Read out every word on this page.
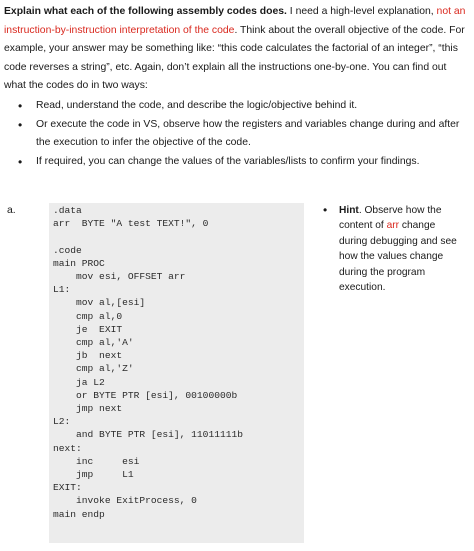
Explain what each of the following assembly codes does. I need a high-level explanation, not an instruction-by-instruction interpretation of the code. Think about the overall objective of the code. For example, your answer may be something like: “this code calculates the factorial of an integer”, “this code reverses a string”, etc. Again, don’t explain all the instructions one-by-one. You can find out what the codes do in two ways:
• Read, understand the code, and describe the logic/objective behind it.
• Or execute the code in VS, observe how the registers and variables change during and after the execution to infer the objective of the code.
• If required, you can change the values of the variables/lists to confirm your findings.
a.	.data
arr  BYTE "A test TEXT!", 0

.code
main PROC
mov esi, OFFSET arr
L1:
mov al,[esi]
cmp al,0
je  EXIT
cmp al,'A'
jb  next
cmp al,'Z'
ja L2
or BYTE PTR [esi], 00100000b
jmp next
L2:
and BYTE PTR [esi], 11011111b
next:
inc     esi
jmp     L1
EXIT:
invoke ExitProcess, 0
main endp
• Hint. Observe how the content of arr change during debugging and see how the values change during the program execution.
